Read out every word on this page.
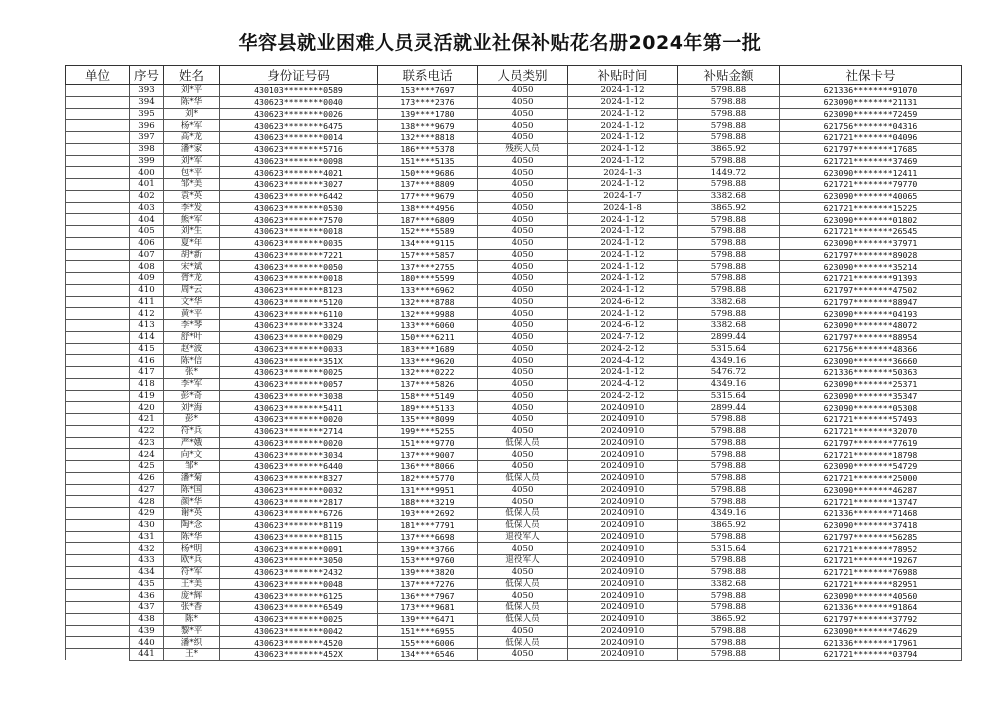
华容县就业困难人员灵活就业社保补贴花名册2024年第一批
单位	序号	姓名	身份证号码	联系电话	人员类别	补贴时间	补贴金额	社保卡号
	393	刘*平	430103********0589	153****7697	4050	2024-1-12	5798.88	621336********91070
	394	陈*华	430623********0040	173****2376	4050	2024-1-12	5798.88	623090********21131
	395	刘*	430623********0026	139****1780	4050	2024-1-12	5798.88	623090********72459
	396	杨*军	430623********6475	138****9679	4050	2024-1-12	5798.88	621756********04316
	397	高*龙	430623********0014	132****8818	4050	2024-1-12	5798.88	621721********04096
	398	潘*家	430623********5716	186****5378	残疾人员	2024-1-12	3865.92	621797********17685
	399	刘*军	430623********0098	151****5135	4050	2024-1-12	5798.88	621721********37469
	400	包*平	430623********4021	150****9686	4050	2024-1-3	1449.72	623090********12411
	401	邹*美	430623********3027	137****8809	4050	2024-1-12	5798.88	621721********79770
	402	袁*英	430623********6442	177****9679	4050	2024-1-7	3382.68	623090********40065
	403	李*发	430623********0530	138****4956	4050	2024-1-8	3865.92	621721********15225
	404	熊*军	430623********7570	187****6809	4050	2024-1-12	5798.88	623090********01802
	405	刘*生	430623********0018	152****5589	4050	2024-1-12	5798.88	621721********26545
	406	夏*年	430623********0035	134****9115	4050	2024-1-12	5798.88	623090********37971
	407	胡*新	430623********7221	157****5857	4050	2024-1-12	5798.88	621797********89028
	408	宋*斌	430623********0050	137****2755	4050	2024-1-12	5798.88	623090********35214
	409	胥*龙	430623********0018	180****5599	4050	2024-1-12	5798.88	621721********91393
	410	周*云	430623********8123	133****6962	4050	2024-1-12	5798.88	621797********47502
	411	文*华	430623********5120	132****8788	4050	2024-6-12	3382.68	621797********88947
	412	黄*平	430623********6110	132****9988	4050	2024-1-12	5798.88	623090********04193
	413	李*琴	430623********3324	133****6060	4050	2024-6-12	3382.68	623090********48072
	414	舒*叶	430623********0029	150****6211	4050	2024-7-12	2899.44	621797********88954
	415	赵*波	430623********0033	183****1689	4050	2024-2-12	5315.64	621756********48366
	416	陈*信	430623********351X	133****9620	4050	2024-4-12	4349.16	623090********36660
	417	张*	430623********0025	132****0222	4050	2024-1-12	5476.72	621336********50363
	418	李*军	430623********0057	137****5826	4050	2024-4-12	4349.16	623090********25371
	419	彭*奇	430623********3038	158****5149	4050	2024-2-12	5315.64	623090********35347
	420	刘*海	430623********5411	189****5133	4050	20240910	2899.44	623090********05308
	421	彭*	430623********0020	135****8099	4050	20240910	5798.88	621721********57493
	422	符*兵	430623********2714	199****5255	4050	20240910	5798.88	621721********32070
	423	严*娥	430623********0020	151****9770	低保人员	20240910	5798.88	621797********77619
	424	向*文	430623********3034	137****9007	4050	20240910	5798.88	621721********18798
	425	邹*	430623********6440	136****8066	4050	20240910	5798.88	623090********54729
	426	潘*菊	430623********8327	182****5770	低保人员	20240910	5798.88	621721********25000
	427	陈*国	430623********0032	131****9951	4050	20240910	5798.88	623090********46287
	428	颜*华	430623********2817	188****3219	4050	20240910	5798.88	621721********13747
	429	谢*英	430623********6726	193****2692	低保人员	20240910	4349.16	621336********71468
	430	陶*念	430623********8119	181****7791	低保人员	20240910	3865.92	623090********37418
	431	陈*华	430623********8115	137****6698	退役军人	20240910	5798.88	621797********56285
	432	杨*明	430623********0091	139****3766	4050	20240910	5315.64	621721********78952
	433	欧*兵	430623********3050	153****9760	退役军人	20240910	5798.88	621721********19267
	434	符*军	430623********2432	139****3820	4050	20240910	5798.88	621721********76988
	435	王*美	430623********0048	137****7276	低保人员	20240910	3382.68	621721********82951
	436	庞*辉	430623********6125	136****7967	4050	20240910	5798.88	623090********40560
	437	张*香	430623********6549	173****9681	低保人员	20240910	5798.88	621336********91864
	438	陈*	430623********0025	139****6471	低保人员	20240910	3865.92	621797********37792
	439	黎*平	430623********0042	151****6955	4050	20240910	5798.88	623090********74629
	440	潘*织	430623********4520	155****6006	低保人员	20240910	5798.88	621336********17961
	441	王*	430623********452X	134****6546	4050	20240910	5798.88	621721********03794
